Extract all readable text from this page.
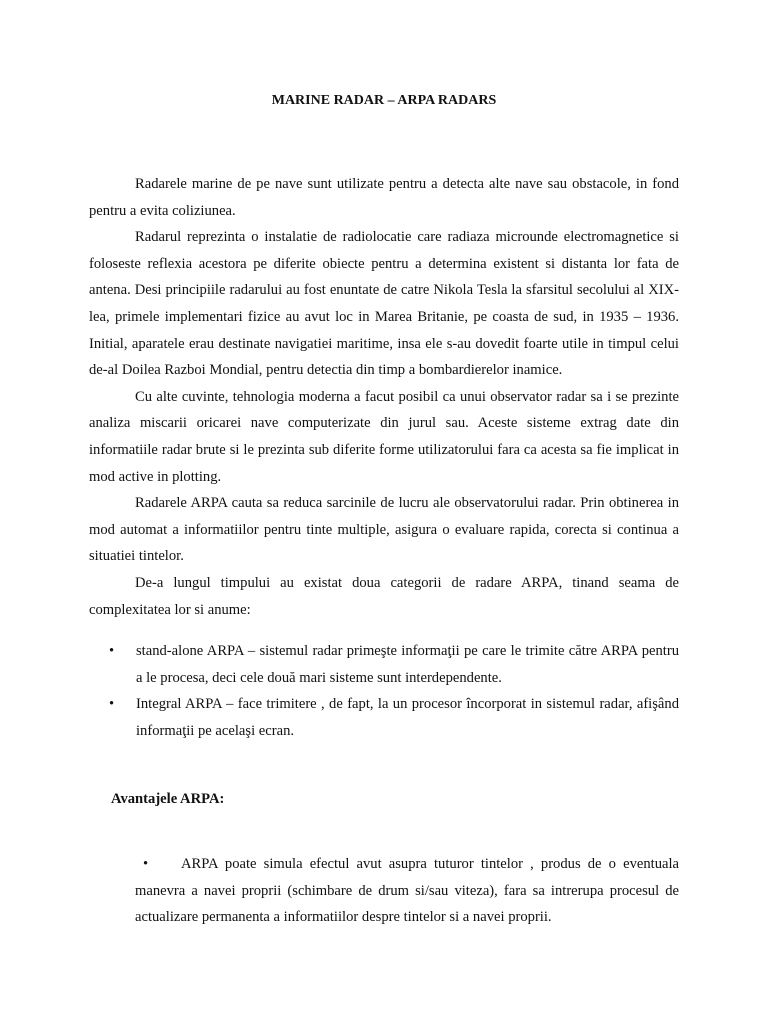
MARINE RADAR – ARPA RADARS

Radarele marine de pe nave sunt utilizate pentru a detecta alte nave sau obstacole, in fond pentru a evita coliziunea.

Radarul reprezinta o instalatie de radiolocatie care radiaza microunde electromagnetice si foloseste reflexia acestora pe diferite obiecte pentru a determina existent si distanta lor fata de antena. Desi principiile radarului au fost enuntate de catre Nikola Tesla la sfarsitul secolului al XIX-lea, primele implementari fizice au avut loc in Marea Britanie, pe coasta de sud, in 1935 – 1936. Initial, aparatele erau destinate navigatiei maritime, insa ele s-au dovedit foarte utile in timpul celui de-al Doilea Razboi Mondial, pentru detectia din timp a bombardierelor inamice.

Cu alte cuvinte, tehnologia moderna a facut posibil ca unui observator radar sa i se prezinte analiza miscarii oricarei nave computerizate din jurul sau. Aceste sisteme extrag date din informatiile radar brute si le prezinta sub diferite forme utilizatorului fara ca acesta sa fie implicat in mod active in plotting.

Radarele ARPA cauta sa reduca sarcinile de lucru ale observatorului radar. Prin obtinerea in mod automat a informatiilor pentru tinte multiple, asigura o evaluare rapida, corecta si continua a situatiei tintelor.

De-a lungul timpului au existat doua categorii de radare ARPA, tinand seama de complexitatea lor si anume:

• stand-alone ARPA – sistemul radar primeşte informaţii pe care le trimite către ARPA pentru a le procesa, deci cele două mari sisteme sunt interdependente.
• Integral ARPA – face trimitere , de fapt, la un procesor încorporat in sistemul radar, afişând informaţii pe acelaşi ecran.
Avantajele ARPA:
• ARPA poate simula efectul avut asupra tuturor tintelor , produs de o eventuala manevra a navei proprii (schimbare de drum si/sau viteza), fara sa intrerupa procesul de actualizare permanenta a informatiilor despre tintelor si a navei proprii.
